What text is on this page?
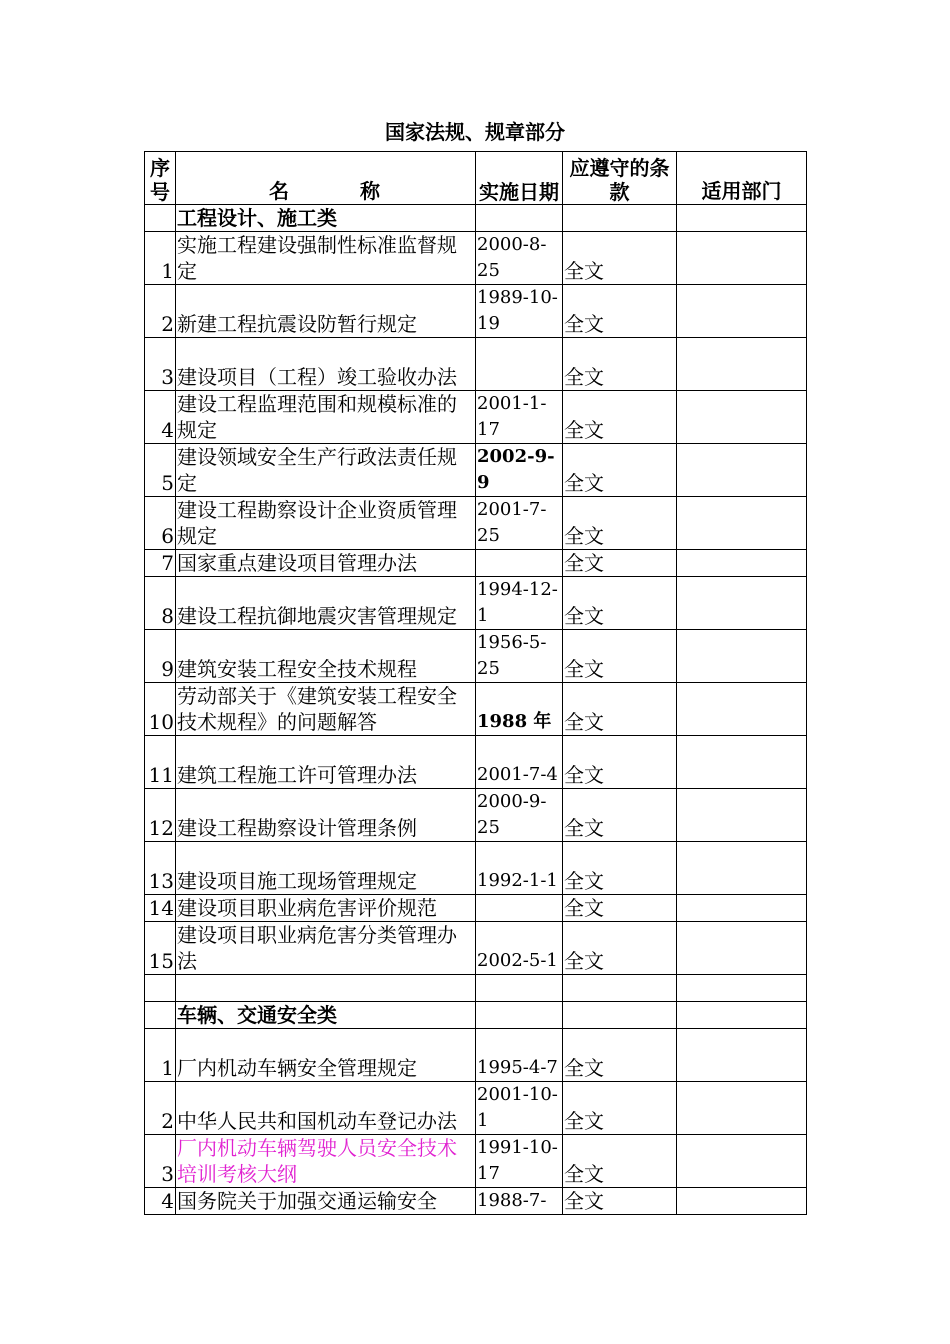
国家法规、规章部分
序号	名 称	实施日期	应遵守的条款	适用部门
	工程设计、施工类			
1	实施工程建设强制性标准监督规定	2000-8-25	全文	
2	新建工程抗震设防暂行规定	1989-10-19	全文	
3	建设项目（工程）竣工验收办法		全文	
4	建设工程监理范围和规模标准的规定	2001-1-17	全文	
5	建设领域安全生产行政法责任规定	2002-9-9	全文	
6	建设工程勘察设计企业资质管理规定	2001-7-25	全文	
7	国家重点建设项目管理办法		全文	
8	建设工程抗御地震灾害管理规定	1994-12-1	全文	
9	建筑安装工程安全技术规程	1956-5-25	全文	
10	劳动部关于《建筑安装工程安全技术规程》的问题解答	1988 年	全文	
11	建筑工程施工许可管理办法	2001-7-4	全文	
12	建设工程勘察设计管理条例	2000-9-25	全文	
13	建设项目施工现场管理规定	1992-1-1	全文	
14	建设项目职业病危害评价规范		全文	
15	建设项目职业病危害分类管理办法	2002-5-1	全文	

	车辆、交通安全类			
1	厂内机动车辆安全管理规定	1995-4-7	全文	
2	中华人民共和国机动车登记办法	2001-10-1	全文	
3	厂内机动车辆驾驶人员安全技术培训考核大纲	1991-10-17	全文	
4	国务院关于加强交通运输安全	1988-7-	全文	
